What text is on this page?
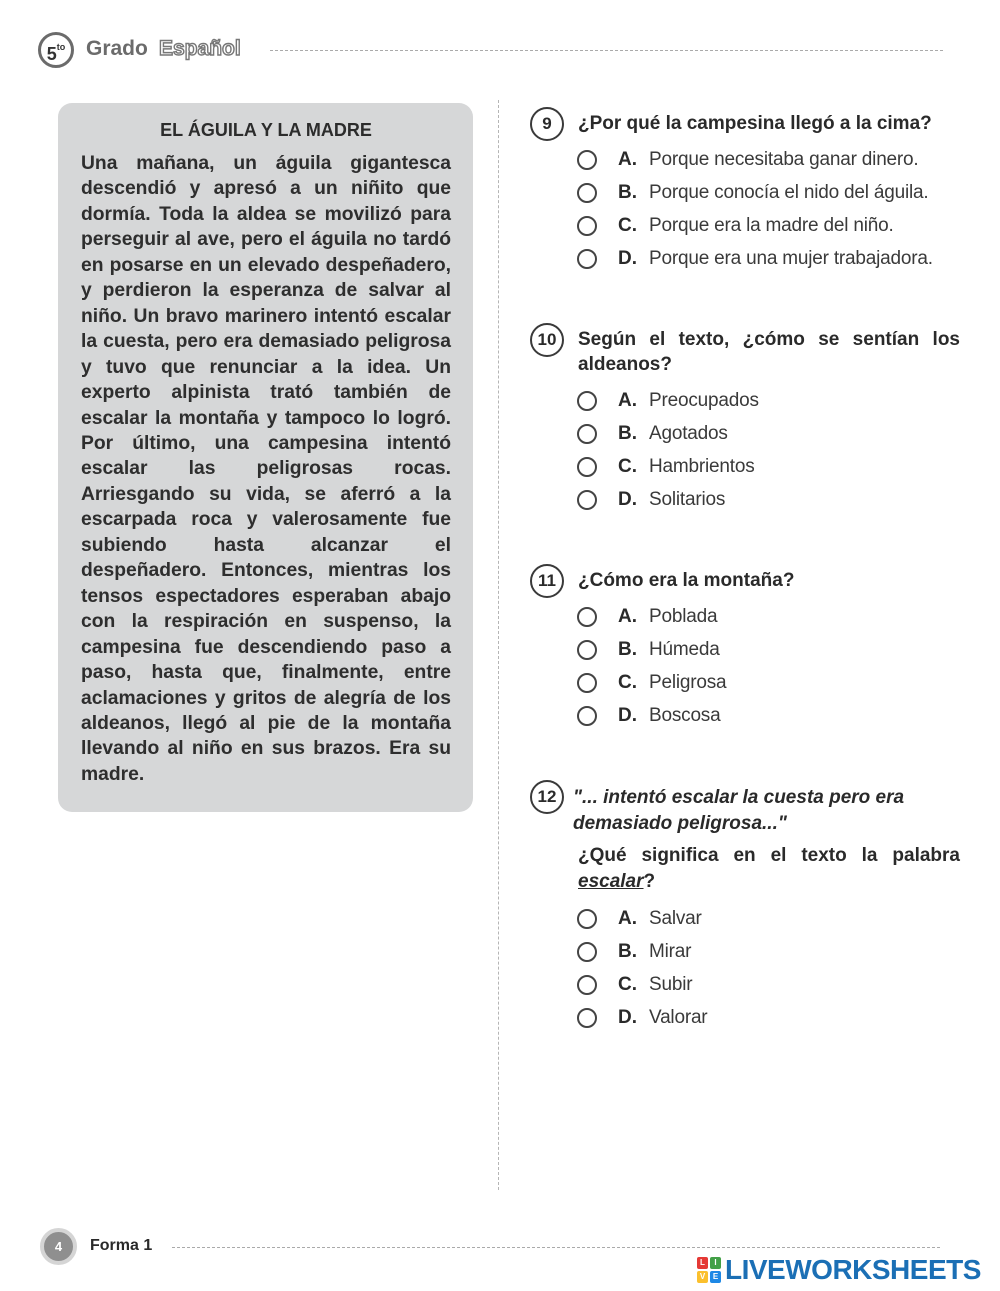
$5^{to}$ Grado Español
EL ÁGUILA Y LA MADRE

Una mañana, un águila gigantesca descendió y apresó a un niñito que dormía. Toda la aldea se movilizó para perseguir al ave, pero el águila no tardó en posarse en un elevado despeñadero, y perdieron la esperanza de salvar al niño. Un bravo marinero intentó escalar la cuesta, pero era demasiado peligrosa y tuvo que renunciar a la idea. Un experto alpinista trató también de escalar la montaña y tampoco lo logró. Por último, una campesina intentó escalar las peligrosas rocas. Arriesgando su vida, se aferró a la escarpada roca y valerosamente fue subiendo hasta alcanzar el despeñadero. Entonces, mientras los tensos espectadores esperaban abajo con la respiración en suspenso, la campesina fue descendiendo paso a paso, hasta que, finalmente, entre aclamaciones y gritos de alegría de los aldeanos, llegó al pie de la montaña llevando al niño en sus brazos. Era su madre.

9	¿Por qué la campesina llegó a la cima?
A. Porque necesitaba ganar dinero.
B. Porque conocía el nido del águila.
C. Porque era la madre del niño.
D. Porque era una mujer trabajadora.
10	Según el texto, ¿cómo se sentían los aldeanos?
A. Preocupados
B. Agotados
C. Hambrientos
D. Solitarios
11	¿Cómo era la montaña?
A. Poblada
B. Húmeda
C. Peligrosa
D. Boscosa
12 "... intentó escalar la cuesta pero era demasiado peligrosa..."
¿Qué significa en el texto la palabra escalar?
A. Salvar
B. Mirar
C. Subir
D. Valorar
4	Forma 1
L	I
V E LIVEWORKSHEETS
